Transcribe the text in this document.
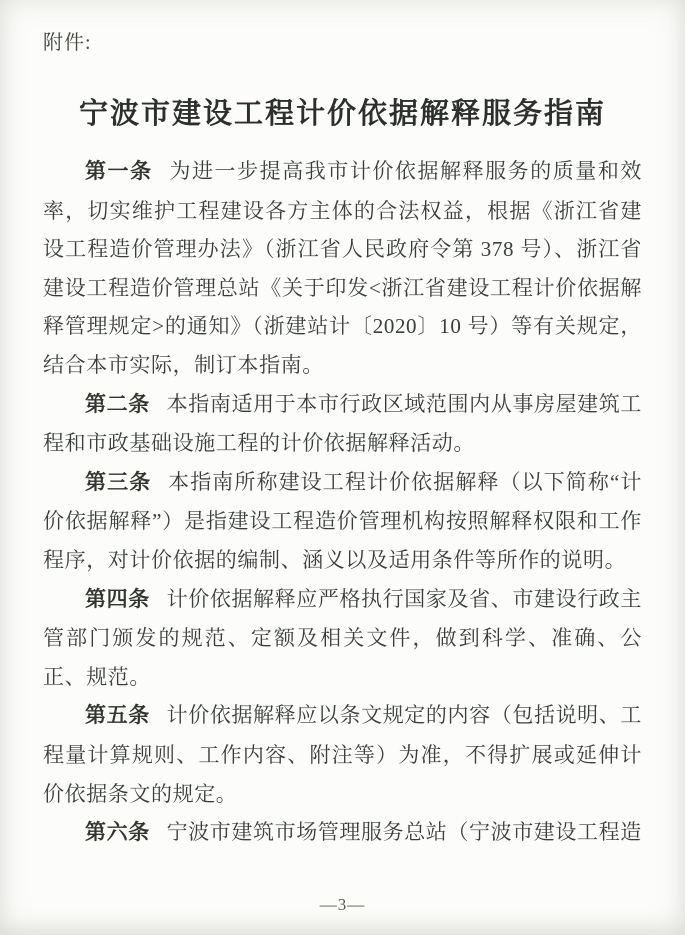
附件:
宁波市建设工程计价依据解释服务指南

第一条 为进一步提高我市计价依据解释服务的质量和效率，切实维护工程建设各方主体的合法权益，根据《浙江省建设工程造价管理办法》（浙江省人民政府令第 378 号）、浙江省建设工程造价管理总站《关于印发<浙江省建设工程计价依据解释管理规定>的通知》（浙建站计〔2020〕10 号）等有关规定，结合本市实际，制订本指南。

第二条 本指南适用于本市行政区域范围内从事房屋建筑工程和市政基础设施工程的计价依据解释活动。

第三条 本指南所称建设工程计价依据解释（以下简称“计价依据解释”）是指建设工程造价管理机构按照解释权限和工作程序，对计价依据的编制、涵义以及适用条件等所作的说明。

第四条 计价依据解释应严格执行国家及省、市建设行政主管部门颁发的规范、定额及相关文件，做到科学、准确、公正、规范。

第五条 计价依据解释应以条文规定的内容（包括说明、工程量计算规则、工作内容、附注等）为准，不得扩展或延伸计价依据条文的规定。

第六条 宁波市建筑市场管理服务总站（宁波市建设工程造

—3—
